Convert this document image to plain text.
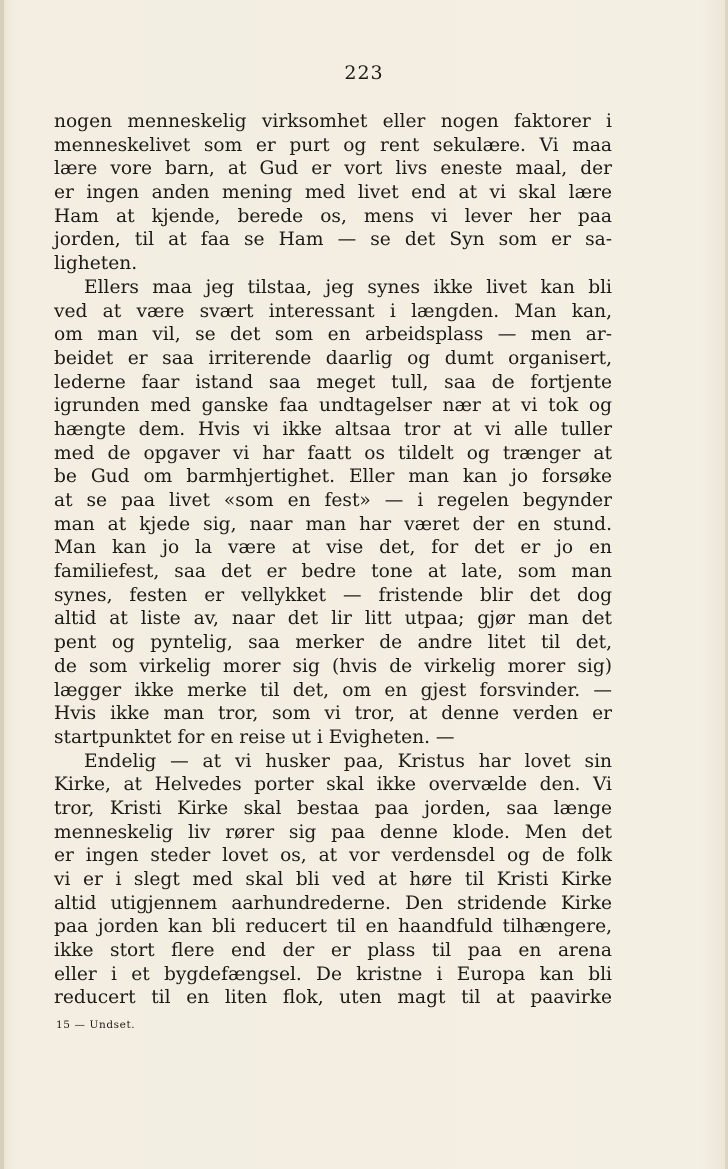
223
nogen menneskelig virksomhet eller nogen faktorer i
menneskelivet som er purt og rent sekulære. Vi maa
lære vore barn, at Gud er vort livs eneste maal, der
er ingen anden mening med livet end at vi skal lære
Ham at kjende, berede os, mens vi lever her paa
jorden, til at faa se Ham — se det Syn som er sa-
ligheten.
Ellers maa jeg tilstaa, jeg synes ikke livet kan bli
ved at være svært interessant i længden. Man kan,
om man vil, se det som en arbeidsplass — men ar-
beidet er saa irriterende daarlig og dumt organisert,
lederne faar istand saa meget tull, saa de fortjente
igrunden med ganske faa undtagelser nær at vi tok og
hængte dem. Hvis vi ikke altsaa tror at vi alle tuller
med de opgaver vi har faatt os tildelt og trænger at
be Gud om barmhjertighet. Eller man kan jo forsøke
at se paa livet «som en fest» — i regelen begynder
man at kjede sig, naar man har været der en stund.
Man kan jo la være at vise det, for det er jo en
familiefest, saa det er bedre tone at late, som man
synes, festen er vellykket — fristende blir det dog
altid at liste av, naar det lir litt utpaa; gjør man det
pent og pyntelig, saa merker de andre litet til det,
de som virkelig morer sig (hvis de virkelig morer sig)
lægger ikke merke til det, om en gjest forsvinder. —
Hvis ikke man tror, som vi tror, at denne verden er
startpunktet for en reise ut i Evigheten. —
Endelig — at vi husker paa, Kristus har lovet sin
Kirke, at Helvedes porter skal ikke overvælde den. Vi
tror, Kristi Kirke skal bestaa paa jorden, saa længe
menneskelig liv rører sig paa denne klode. Men det
er ingen steder lovet os, at vor verdensdel og de folk
vi er i slegt med skal bli ved at høre til Kristi Kirke
altid utigjennem aarhundrederne. Den stridende Kirke
paa jorden kan bli reducert til en haandfuld tilhængere,
ikke stort flere end der er plass til paa en arena
eller i et bygdefængsel. De kristne i Europa kan bli
reducert til en liten flok, uten magt til at paavirke
15 — Undset.
